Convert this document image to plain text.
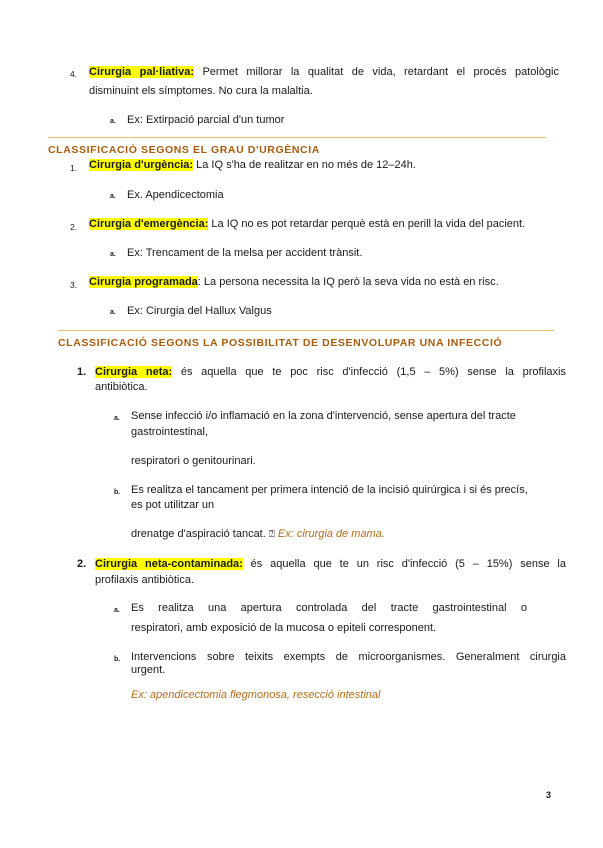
4. Cirurgia pal·liativa: Permet millorar la qualitat de vida, retardant el procés patològic
disminuint els símptomes. No cura la malaltia.
a. Ex: Extirpació parcial d'un tumor
CLASSIFICACIÓ SEGONS EL GRAU D'URGÈNCIA
1. Cirurgia d'urgència: La IQ s'ha de realitzar en no més de 12–24h.
a. Ex. Apendicectomia
2. Cirurgia d'emergència: La IQ no es pot retardar perquè està en perill la vida del pacient.
a. Ex: Trencament de la melsa per accident trànsit.
3. Cirurgia programada: La persona necessita la IQ però la seva vida no està en risc.
a. Ex: Cirurgia del Hallux Valgus
CLASSIFICACIÓ SEGONS LA POSSIBILITAT DE DESENVOLUPAR UNA INFECCIÓ
1. Cirurgia neta: és aquella que te poc risc d'infecció (1,5 – 5%) sense la profilaxis
antibiòtica.
a. Sense infecció i/o inflamació en la zona d'intervenció, sense apertura del tracte
gastrointestinal,
respiratori o genitourinari.
b. Es realitza el tancament per primera intenció de la incisió quirúrgica i si és precís,
es pot utilitzar un
drenatge d'aspiració tancat. ⍰ Ex: cirurgia de mama.
2. Cirurgia neta-contaminada: és aquella que te un risc d'infecció (5 – 15%) sense la
profilaxis antibiòtica.
a. Es realitza una apertura controlada del tracte gastrointestinal o
respiratori, amb exposició de la mucosa o epiteli corresponent.
b. Intervencions sobre teixits exempts de microorganismes. Generalment cirurgia
urgent.
Ex: apendicectomia flegmonosa, resecció intestinal
3
